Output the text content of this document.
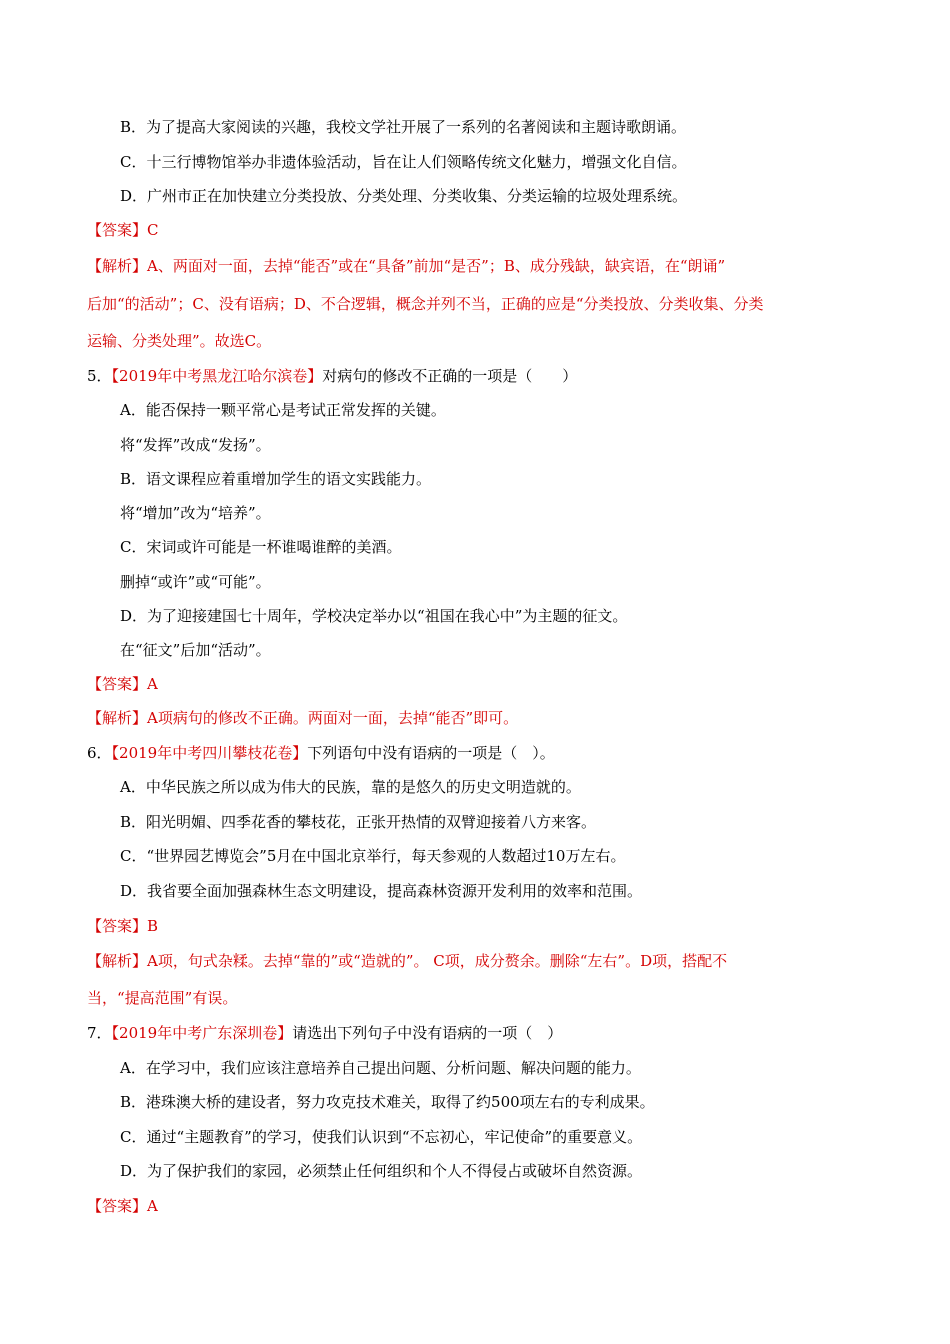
B．为了提高大家阅读的兴趣，我校文学社开展了一系列的名著阅读和主题诗歌朗诵。
C．十三行博物馆举办非遗体验活动，旨在让人们领略传统文化魅力，增强文化自信。
D．广州市正在加快建立分类投放、分类处理、分类收集、分类运输的垃圾处理系统。
【答案】C
【解析】A、两面对一面，去掉“能否”或在“具备”前加“是否”；B、成分残缺，缺宾语，在“朗诵”
后加“的活动”；C、没有语病；D、不合逻辑，概念并列不当，正确的应是“分类投放、分类收集、分类
运输、分类处理”。故选C。
5．【2019年中考黑龙江哈尔滨卷】对病句的修改不正确的一项是（　　）
A．能否保持一颗平常心是考试正常发挥的关键。
将“发挥”改成“发扬”。
B．语文课程应着重增加学生的语文实践能力。
将“增加”改为“培养”。
C．宋词或许可能是一杯谁喝谁醉的美酒。
删掉“或许”或“可能”。
D．为了迎接建国七十周年，学校决定举办以“祖国在我心中”为主题的征文。
在“征文”后加“活动”。
【答案】A
【解析】A项病句的修改不正确。两面对一面，去掉“能否”即可。
6．【2019年中考四川攀枝花卷】下列语句中没有语病的一项是（　）。
A．中华民族之所以成为伟大的民族，靠的是悠久的历史文明造就的。
B．阳光明媚、四季花香的攀枝花，正张开热情的双臂迎接着八方来客。
C．“世界园艺博览会”5月在中国北京举行，每天参观的人数超过10万左右。
D．我省要全面加强森林生态文明建设，提高森林资源开发利用的效率和范围。
【答案】B
【解析】A项，句式杂糅。去掉“靠的”或“造就的”。 C项，成分赘余。删除“左右”。D项，搭配不
当，“提高范围”有误。
7．【2019年中考广东深圳卷】请选出下列句子中没有语病的一项（　）
A．在学习中，我们应该注意培养自己提出问题、分析问题、解决问题的能力。
B．港珠澳大桥的建设者，努力攻克技术难关，取得了约500项左右的专利成果。
C．通过“主题教育”的学习，使我们认识到“不忘初心，牢记使命”的重要意义。
D．为了保护我们的家园，必须禁止任何组织和个人不得侵占或破坏自然资源。
【答案】A
